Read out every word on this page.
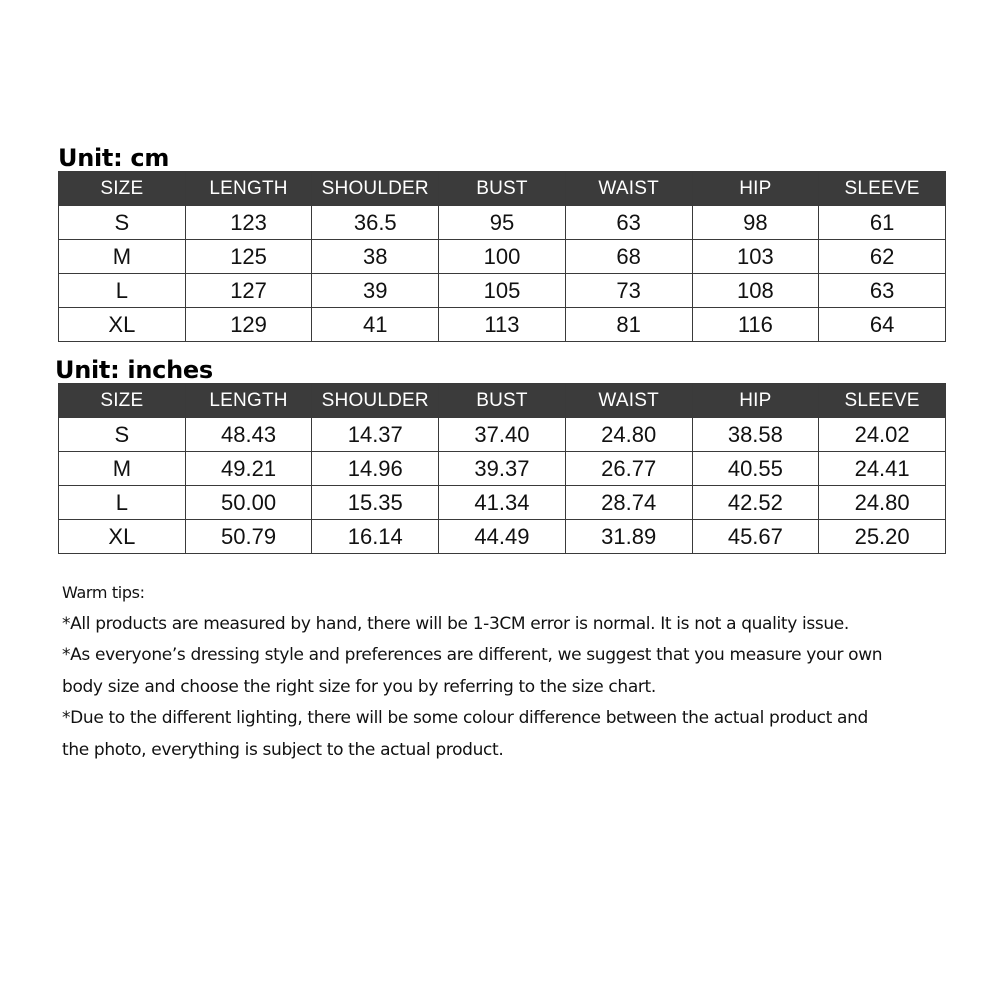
Unit: cm
SIZE	LENGTH	SHOULDER	BUST	WAIST	HIP	SLEEVE
S	123	36.5	95	63	98	61
M	125	38	100	68	103	62
L	127	39	105	73	108	63
XL	129	41	113	81	116	64
Unit: inches
SIZE	LENGTH	SHOULDER	BUST	WAIST	HIP	SLEEVE
S	48.43	14.37	37.40	24.80	38.58	24.02
M	49.21	14.96	39.37	26.77	40.55	24.41
L	50.00	15.35	41.34	28.74	42.52	24.80
XL	50.79	16.14	44.49	31.89	45.67	25.20

Warm tips:

*All products are measured by hand, there will be 1-3CM error is normal. It is not a quality issue.

*As everyone’s dressing style and preferences are different, we suggest that you measure your own

body size and choose the right size for you by referring to the size chart.

*Due to the different lighting, there will be some colour difference between the actual product and

the photo, everything is subject to the actual product.
